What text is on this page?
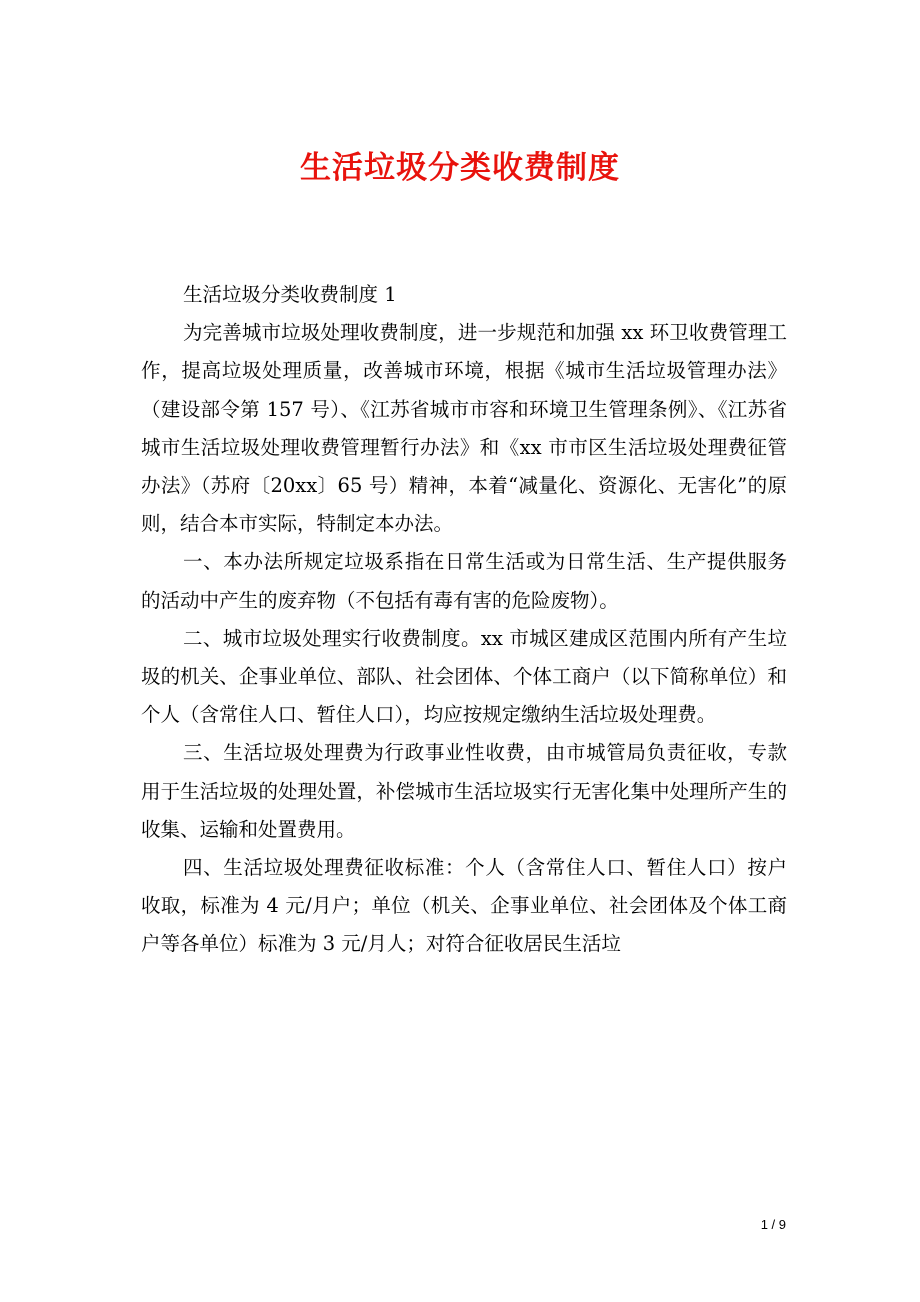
生活垃圾分类收费制度

生活垃圾分类收费制度 1

为完善城市垃圾处理收费制度，进一步规范和加强 xx 环卫收费管理工作，提高垃圾处理质量，改善城市环境，根据《城市生活垃圾管理办法》（建设部令第 157 号）、《江苏省城市市容和环境卫生管理条例》、《江苏省城市生活垃圾处理收费管理暂行办法》和《xx 市市区生活垃圾处理费征管办法》（苏府〔20xx〕65 号）精神，本着“减量化、资源化、无害化”的原则，结合本市实际，特制定本办法。

一、本办法所规定垃圾系指在日常生活或为日常生活、生产提供服务的活动中产生的废弃物（不包括有毒有害的危险废物）。

二、城市垃圾处理实行收费制度。xx 市城区建成区范围内所有产生垃圾的机关、企事业单位、部队、社会团体、个体工商户（以下简称单位）和个人（含常住人口、暂住人口），均应按规定缴纳生活垃圾处理费。

三、生活垃圾处理费为行政事业性收费，由市城管局负责征收，专款用于生活垃圾的处理处置，补偿城市生活垃圾实行无害化集中处理所产生的收集、运输和处置费用。

四、生活垃圾处理费征收标准：个人（含常住人口、暂住人口）按户收取，标准为 4 元/月户；单位（机关、企事业单位、社会团体及个体工商户等各单位）标准为 3 元/月人；对符合征收居民生活垃

1 / 9
